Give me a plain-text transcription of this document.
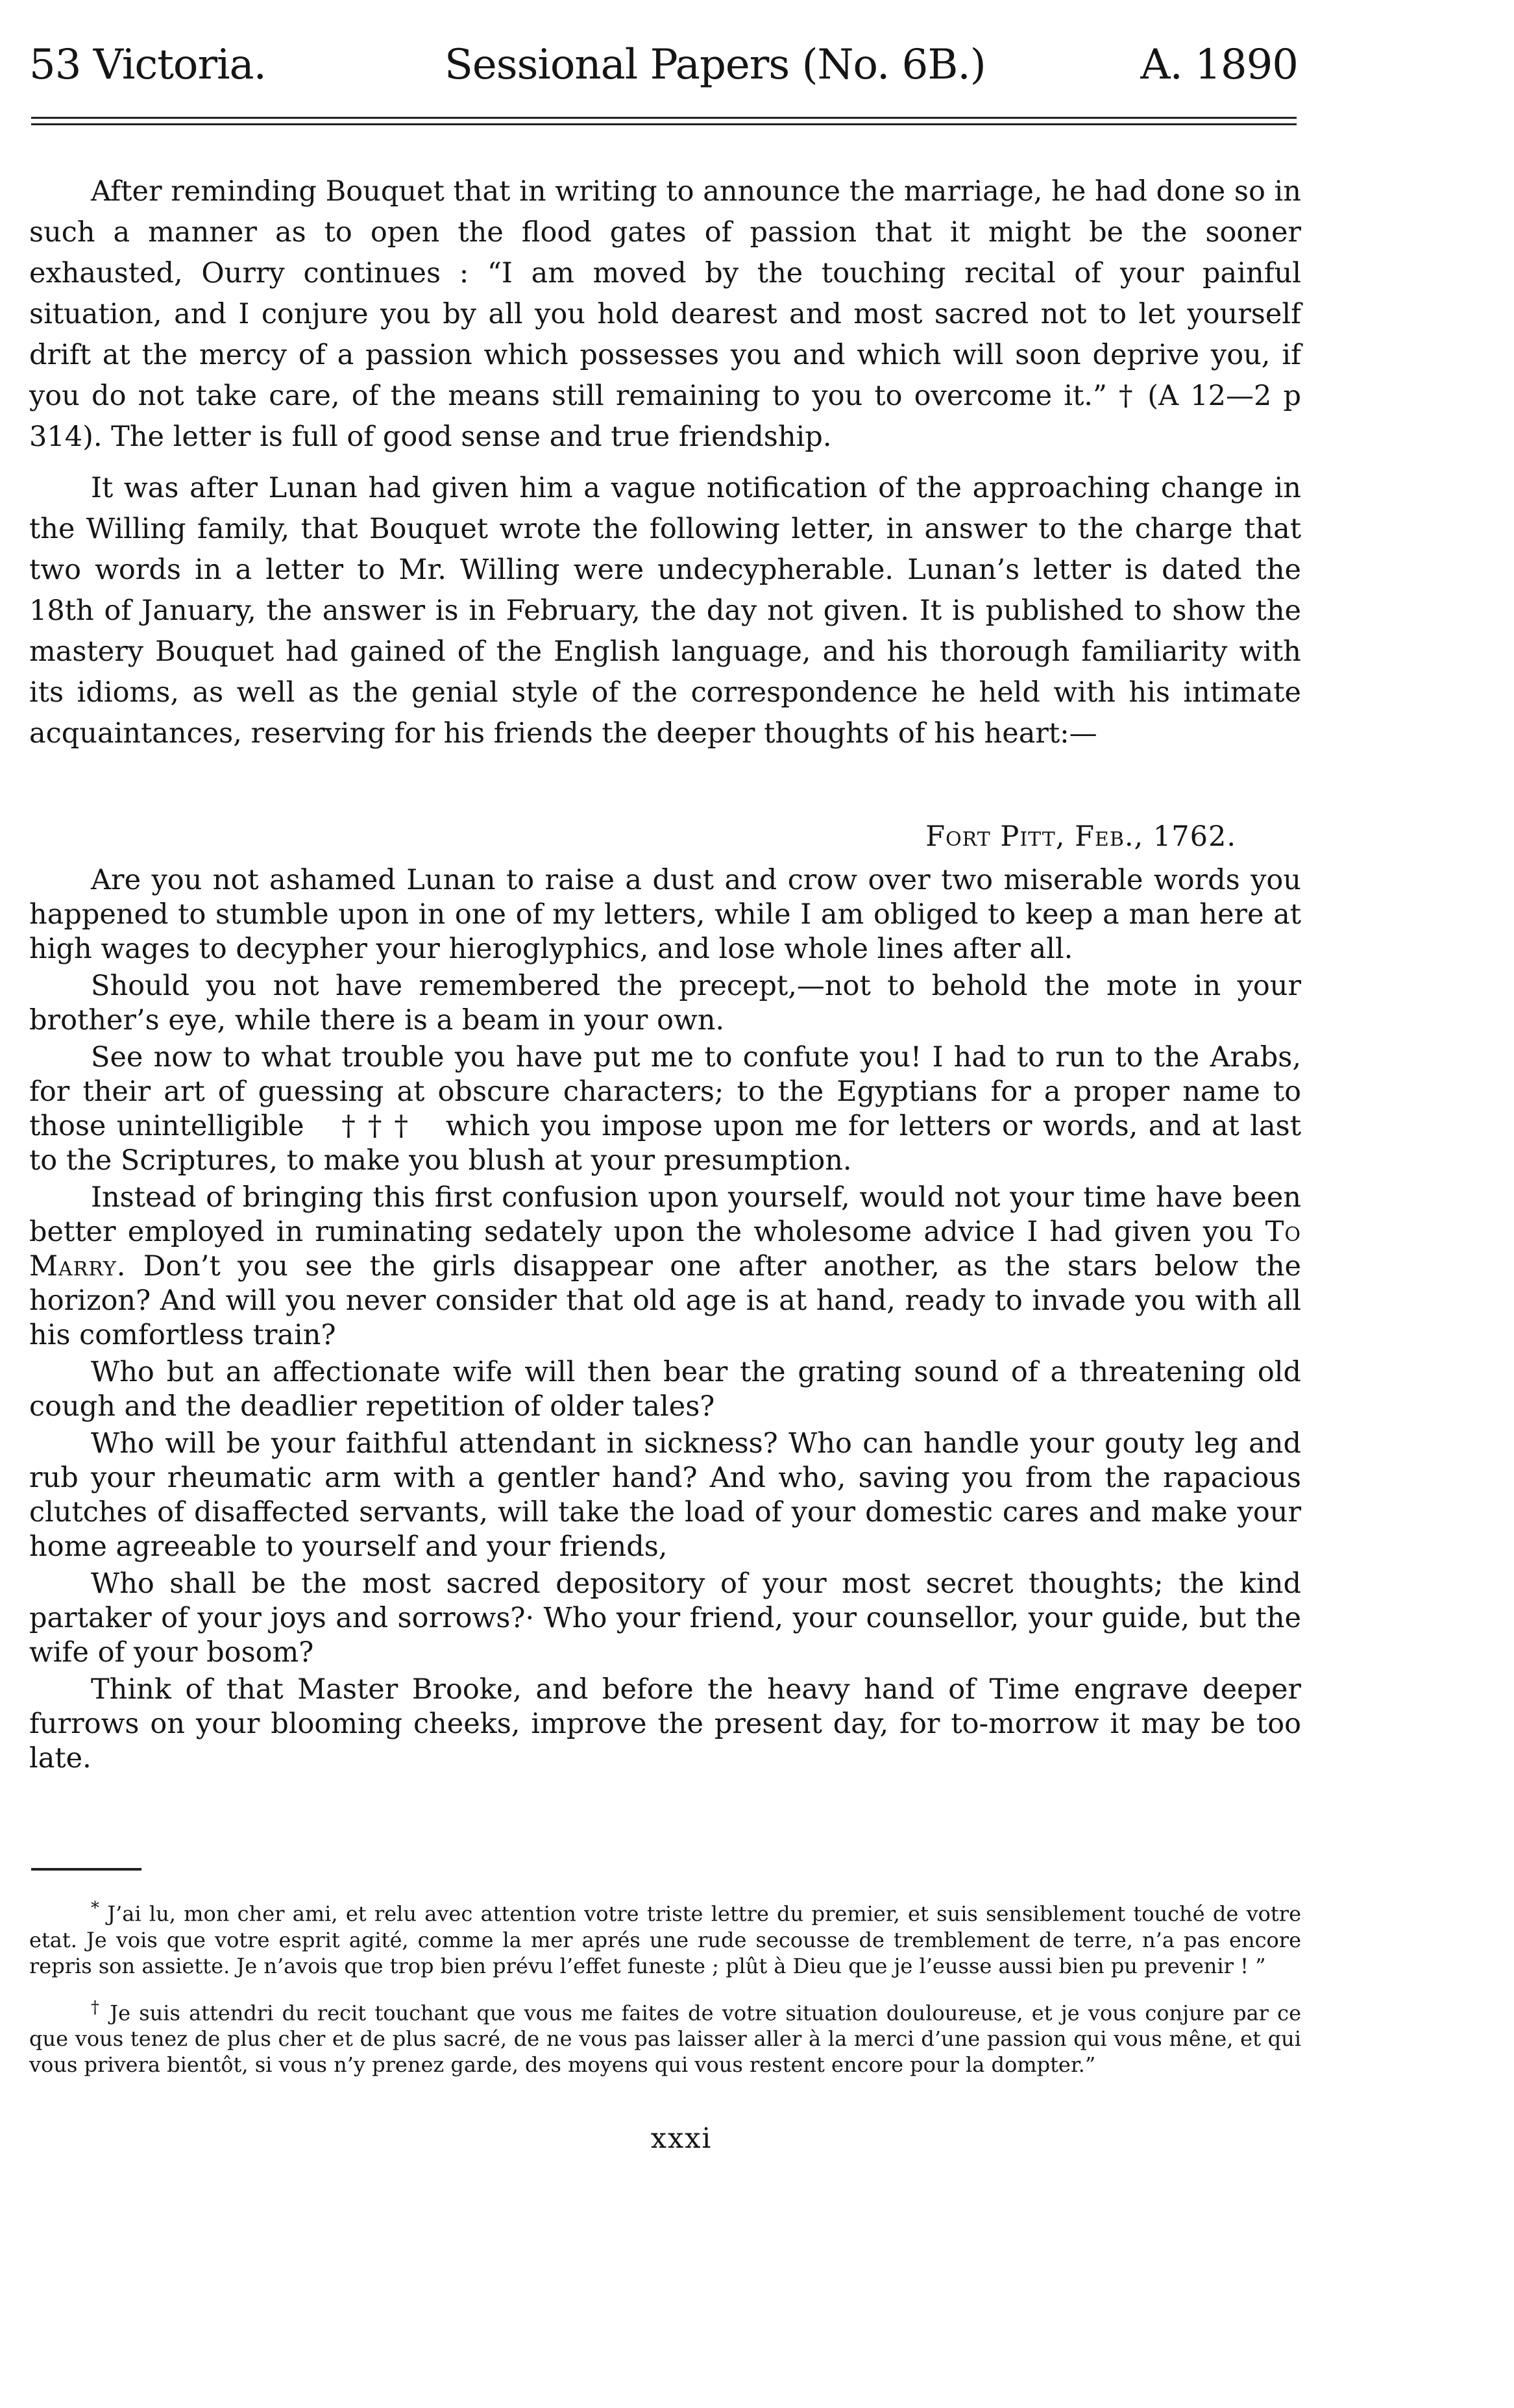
53 Victoria.	Sessional Papers (No. 6B.)	A. 1890

After reminding Bouquet that in writing to announce the marriage, he had done so in such a manner as to open the flood gates of passion that it might be the sooner exhausted, Ourry continues : “I am moved by the touching recital of your painful situation, and I conjure you by all you hold dearest and most sacred not to let yourself drift at the mercy of a passion which possesses you and which will soon deprive you, if you do not take care, of the means still remaining to you to overcome it.” † (A 12—2 p 314). The letter is full of good sense and true friendship.

It was after Lunan had given him a vague notification of the approaching change in the Willing family, that Bouquet wrote the following letter, in answer to the charge that two words in a letter to Mr. Willing were undecypherable. Lunan’s letter is dated the 18th of January, the answer is in February, the day not given. It is published to show the mastery Bouquet had gained of the English language, and his thorough familiarity with its idioms, as well as the genial style of the correspondence he held with his intimate acquaintances, reserving for his friends the deeper thoughts of his heart:—

Fort Pitt, Feb., 1762.

Are you not ashamed Lunan to raise a dust and crow over two miserable words you happened to stumble upon in one of my letters, while I am obliged to keep a man here at high wages to decypher your hieroglyphics, and lose whole lines after all.

Should you not have remembered the precept,—not to behold the mote in your brother’s eye, while there is a beam in your own.

See now to what trouble you have put me to confute you! I had to run to the Arabs, for their art of guessing at obscure characters; to the Egyptians for a proper name to those unintelligible † † † which you impose upon me for letters or words, and at last to the Scriptures, to make you blush at your presumption.

Instead of bringing this first confusion upon yourself, would not your time have been better employed in ruminating sedately upon the wholesome advice I had given you To Marry. Don’t you see the girls disappear one after another, as the stars below the horizon? And will you never consider that old age is at hand, ready to invade you with all his comfortless train?

Who but an affectionate wife will then bear the grating sound of a threatening old cough and the deadlier repetition of older tales?

Who will be your faithful attendant in sickness? Who can handle your gouty leg and rub your rheumatic arm with a gentler hand? And who, saving you from the rapacious clutches of disaffected servants, will take the load of your domestic cares and make your home agreeable to yourself and your friends,

Who shall be the most sacred depository of your most secret thoughts; the kind partaker of your joys and sorrows?· Who your friend, your counsellor, your guide, but the wife of your bosom?

Think of that Master Brooke, and before the heavy hand of Time engrave deeper furrows on your blooming cheeks, improve the present day, for to-morrow it may be too late.

* J’ai lu, mon cher ami, et relu avec attention votre triste lettre du premier, et suis sensiblement touché de votre etat. Je vois que votre esprit agité, comme la mer aprés une rude secousse de tremblement de terre, n’a pas encore repris son assiette. Je n’avois que trop bien prévu l’effet funeste ; plût à Dieu que je l’eusse aussi bien pu prevenir ! ”

† Je suis attendri du recit touchant que vous me faites de votre situation douloureuse, et je vous conjure par ce que vous tenez de plus cher et de plus sacré, de ne vous pas laisser aller à la merci d’une passion qui vous mêne, et qui vous privera bientôt, si vous n’y prenez garde, des moyens qui vous restent encore pour la dompter.”

xxxi
